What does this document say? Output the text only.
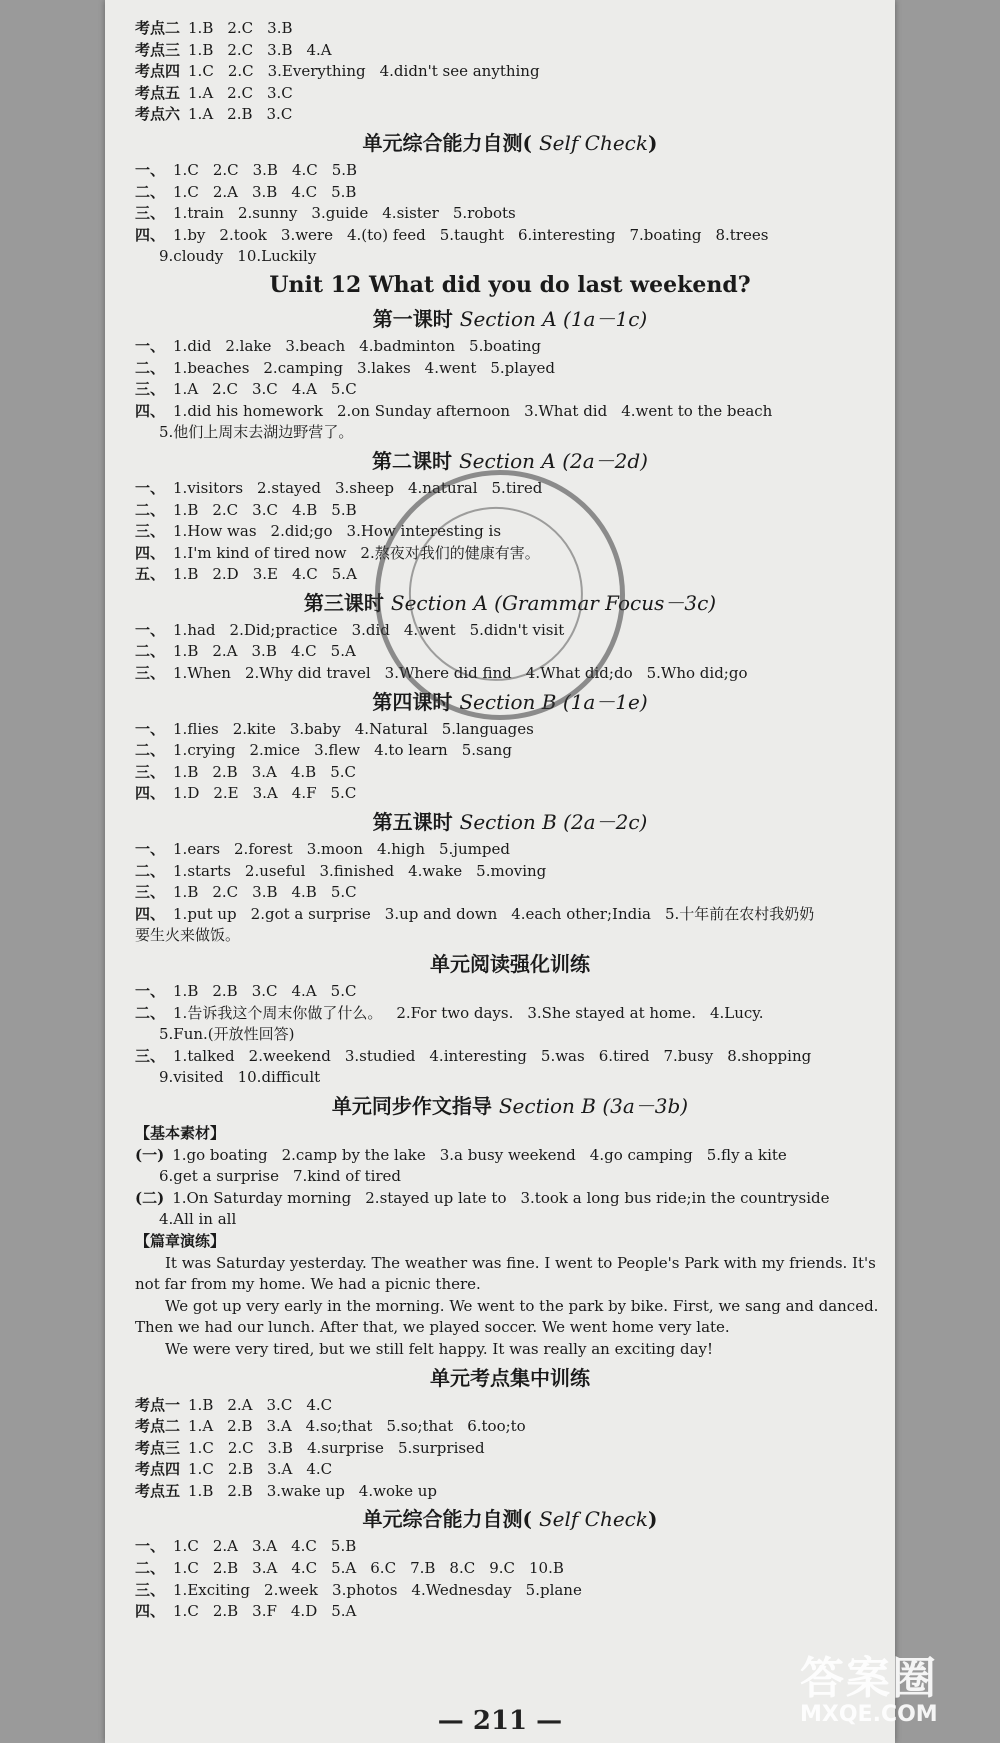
考点二 1.B 2.C 3.B
考点三 1.B 2.C 3.B 4.A
考点四 1.C 2.C 3.Everything 4.didn't see anything
考点五 1.A 2.C 3.C
考点六 1.A 2.B 3.C
单元综合能力自测( Self Check)
一、 1.C 2.C 3.B 4.C 5.B
二、 1.C 2.A 3.B 4.C 5.B
三、 1.train 2.sunny 3.guide 4.sister 5.robots
四、 1.by 2.took 3.were 4.(to) feed 5.taught 6.interesting 7.boating 8.trees
9.cloudy 10.Luckily
Unit 12 What did you do last weekend?
第一课时 Section A (1a－1c)
一、 1.did 2.lake 3.beach 4.badminton 5.boating
二、 1.beaches 2.camping 3.lakes 4.went 5.played
三、 1.A 2.C 3.C 4.A 5.C
四、 1.did his homework 2.on Sunday afternoon 3.What did 4.went to the beach
5.他们上周末去湖边野营了。
第二课时 Section A (2a－2d)
一、 1.visitors 2.stayed 3.sheep 4.natural 5.tired
二、 1.B 2.C 3.C 4.B 5.B
三、 1.How was 2.did;go 3.How interesting is
四、 1.I'm kind of tired now 2.熬夜对我们的健康有害。
五、 1.B 2.D 3.E 4.C 5.A
第三课时 Section A (Grammar Focus－3c)
一、 1.had 2.Did;practice 3.did 4.went 5.didn't visit
二、 1.B 2.A 3.B 4.C 5.A
三、 1.When 2.Why did travel 3.Where did find 4.What did;do 5.Who did;go
第四课时 Section B (1a－1e)
一、 1.flies 2.kite 3.baby 4.Natural 5.languages
二、 1.crying 2.mice 3.flew 4.to learn 5.sang
三、 1.B 2.B 3.A 4.B 5.C
四、 1.D 2.E 3.A 4.F 5.C
第五课时 Section B (2a－2c)
一、 1.ears 2.forest 3.moon 4.high 5.jumped
二、 1.starts 2.useful 3.finished 4.wake 5.moving
三、 1.B 2.C 3.B 4.B 5.C
四、 1.put up 2.got a surprise 3.up and down 4.each other;India 5.十年前在农村我奶奶
要生火来做饭。
单元阅读强化训练
一、 1.B 2.B 3.C 4.A 5.C
二、 1.告诉我这个周末你做了什么。 2.For two days. 3.She stayed at home. 4.Lucy.
5.Fun.(开放性回答)
三、 1.talked 2.weekend 3.studied 4.interesting 5.was 6.tired 7.busy 8.shopping
9.visited 10.difficult
单元同步作文指导 Section B (3a－3b)
【基本素材】
(一) 1.go boating 2.camp by the lake 3.a busy weekend 4.go camping 5.fly a kite
6.get a surprise 7.kind of tired
(二) 1.On Saturday morning 2.stayed up late to 3.took a long bus ride;in the countryside
4.All in all
【篇章演练】

It was Saturday yesterday. The weather was fine. I went to People's Park with my friends. It's not far from my home. We had a picnic there.

We got up very early in the morning. We went to the park by bike. First, we sang and danced. Then we had our lunch. After that, we played soccer. We went home very late.

We were very tired, but we still felt happy. It was really an exciting day!

单元考点集中训练
考点一 1.B 2.A 3.C 4.C
考点二 1.A 2.B 3.A 4.so;that 5.so;that 6.too;to
考点三 1.C 2.C 3.B 4.surprise 5.surprised
考点四 1.C 2.B 3.A 4.C
考点五 1.B 2.B 3.wake up 4.woke up
单元综合能力自测( Self Check)
一、 1.C 2.A 3.A 4.C 5.B
二、 1.C 2.B 3.A 4.C 5.A 6.C 7.B 8.C 9.C 10.B
三、 1.Exciting 2.week 3.photos 4.Wednesday 5.plane
四、 1.C 2.B 3.F 4.D 5.A
— 211 —
答案圈
MXQE.COM
